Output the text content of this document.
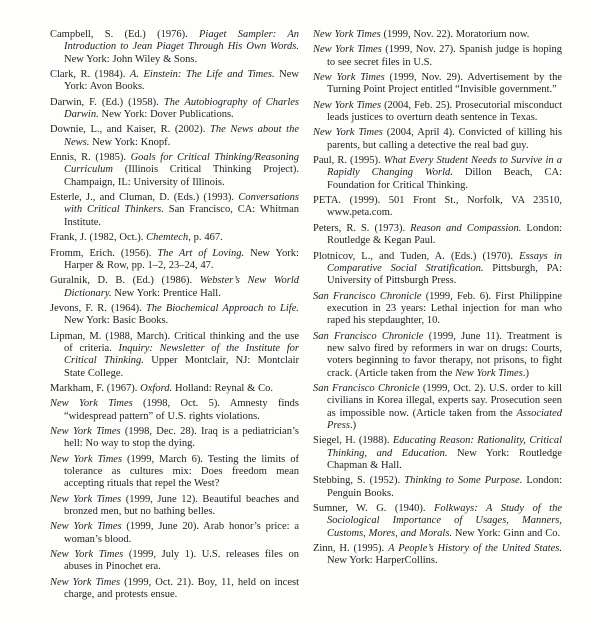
Campbell, S. (Ed.) (1976). Piaget Sampler: An Introduction to Jean Piaget Through His Own Words. New York: John Wiley & Sons.

Clark, R. (1984). A. Einstein: The Life and Times. New York: Avon Books.

Darwin, F. (Ed.) (1958). The Autobiography of Charles Darwin. New York: Dover Publications.

Downie, L., and Kaiser, R. (2002). The News about the News. New York: Knopf.

Ennis, R. (1985). Goals for Critical Thinking/Reasoning Curriculum (Illinois Critical Thinking Project). Champaign, IL: University of Illinois.

Esterle, J., and Cluman, D. (Eds.) (1993). Conversations with Critical Thinkers. San Francisco, CA: Whitman Institute.

Frank, J. (1982, Oct.). Chemtech, p. 467.

Fromm, Erich. (1956). The Art of Loving. New York: Harper & Row, pp. 1–2, 23–24, 47.

Guralnik, D. B. (Ed.) (1986). Webster’s New World Dictionary. New York: Prentice Hall.

Jevons, F. R. (1964). The Biochemical Approach to Life. New York: Basic Books.

Lipman, M. (1988, March). Critical thinking and the use of criteria. Inquiry: Newsletter of the Institute for Critical Thinking. Upper Montclair, NJ: Montclair State College.

Markham, F. (1967). Oxford. Holland: Reynal & Co.

New York Times (1998, Oct. 5). Amnesty finds “widespread pattern” of U.S. rights violations.

New York Times (1998, Dec. 28). Iraq is a pediatrician’s hell: No way to stop the dying.

New York Times (1999, March 6). Testing the limits of tolerance as cultures mix: Does freedom mean accepting rituals that repel the West?

New York Times (1999, June 12). Beautiful beaches and bronzed men, but no bathing belles.

New York Times (1999, June 20). Arab honor’s price: a woman’s blood.

New York Times (1999, July 1). U.S. releases files on abuses in Pinochet era.

New York Times (1999, Oct. 21). Boy, 11, held on incest charge, and protests ensue.

New York Times (1999, Nov. 22). Moratorium now.

New York Times (1999, Nov. 27). Spanish judge is hoping to see secret files in U.S.

New York Times (1999, Nov. 29). Advertisement by the Turning Point Project entitled “Invisible government.”

New York Times (2004, Feb. 25). Prosecutorial misconduct leads justices to overturn death sentence in Texas.

New York Times (2004, April 4). Convicted of killing his parents, but calling a detective the real bad guy.

Paul, R. (1995). What Every Student Needs to Survive in a Rapidly Changing World. Dillon Beach, CA: Foundation for Critical Thinking.

PETA. (1999). 501 Front St., Norfolk, VA 23510, www.peta.com.

Peters, R. S. (1973). Reason and Compassion. London: Routledge & Kegan Paul.

Plotnicov, L., and Tuden, A. (Eds.) (1970). Essays in Comparative Social Stratification. Pittsburgh, PA: University of Pittsburgh Press.

San Francisco Chronicle (1999, Feb. 6). First Philippine execution in 23 years: Lethal injection for man who raped his stepdaughter, 10.

San Francisco Chronicle (1999, June 11). Treatment is new salvo fired by reformers in war on drugs: Courts, voters beginning to favor therapy, not prisons, to fight crack. (Article taken from the New York Times.)

San Francisco Chronicle (1999, Oct. 2). U.S. order to kill civilians in Korea illegal, experts say. Prosecution seen as impossible now. (Article taken from the Associated Press.)

Siegel, H. (1988). Educating Reason: Rationality, Critical Thinking, and Education. New York: Routledge Chapman & Hall.

Stebbing, S. (1952). Thinking to Some Purpose. London: Penguin Books.

Sumner, W. G. (1940). Folkways: A Study of the Sociological Importance of Usages, Manners, Customs, Mores, and Morals. New York: Ginn and Co.

Zinn, H. (1995). A People’s History of the United States. New York: HarperCollins.
